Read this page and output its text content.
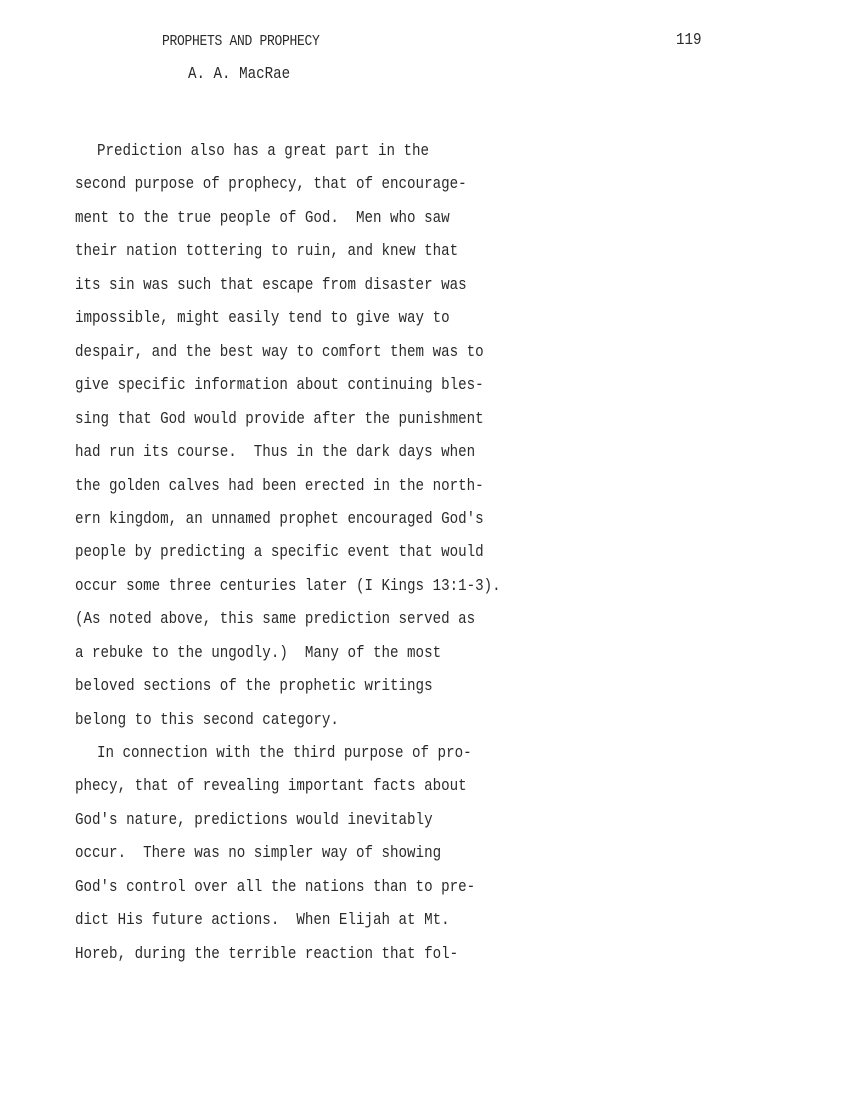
PROPHETS AND PROPHECY	119
A. A. MacRae
Prediction also has a great part in the
second purpose of prophecy, that of encourage-
ment to the true people of God.  Men who saw
their nation tottering to ruin, and knew that
its sin was such that escape from disaster was
impossible, might easily tend to give way to
despair, and the best way to comfort them was to
give specific information about continuing bles-
sing that God would provide after the punishment
had run its course.  Thus in the dark days when
the golden calves had been erected in the north-
ern kingdom, an unnamed prophet encouraged God's
people by predicting a specific event that would
occur some three centuries later (I Kings 13:1-3).
(As noted above, this same prediction served as
a rebuke to the ungodly.)  Many of the most
beloved sections of the prophetic writings
belong to this second category.
In connection with the third purpose of pro-
phecy, that of revealing important facts about
God's nature, predictions would inevitably
occur.  There was no simpler way of showing
God's control over all the nations than to pre-
dict His future actions.  When Elijah at Mt.
Horeb, during the terrible reaction that fol-
